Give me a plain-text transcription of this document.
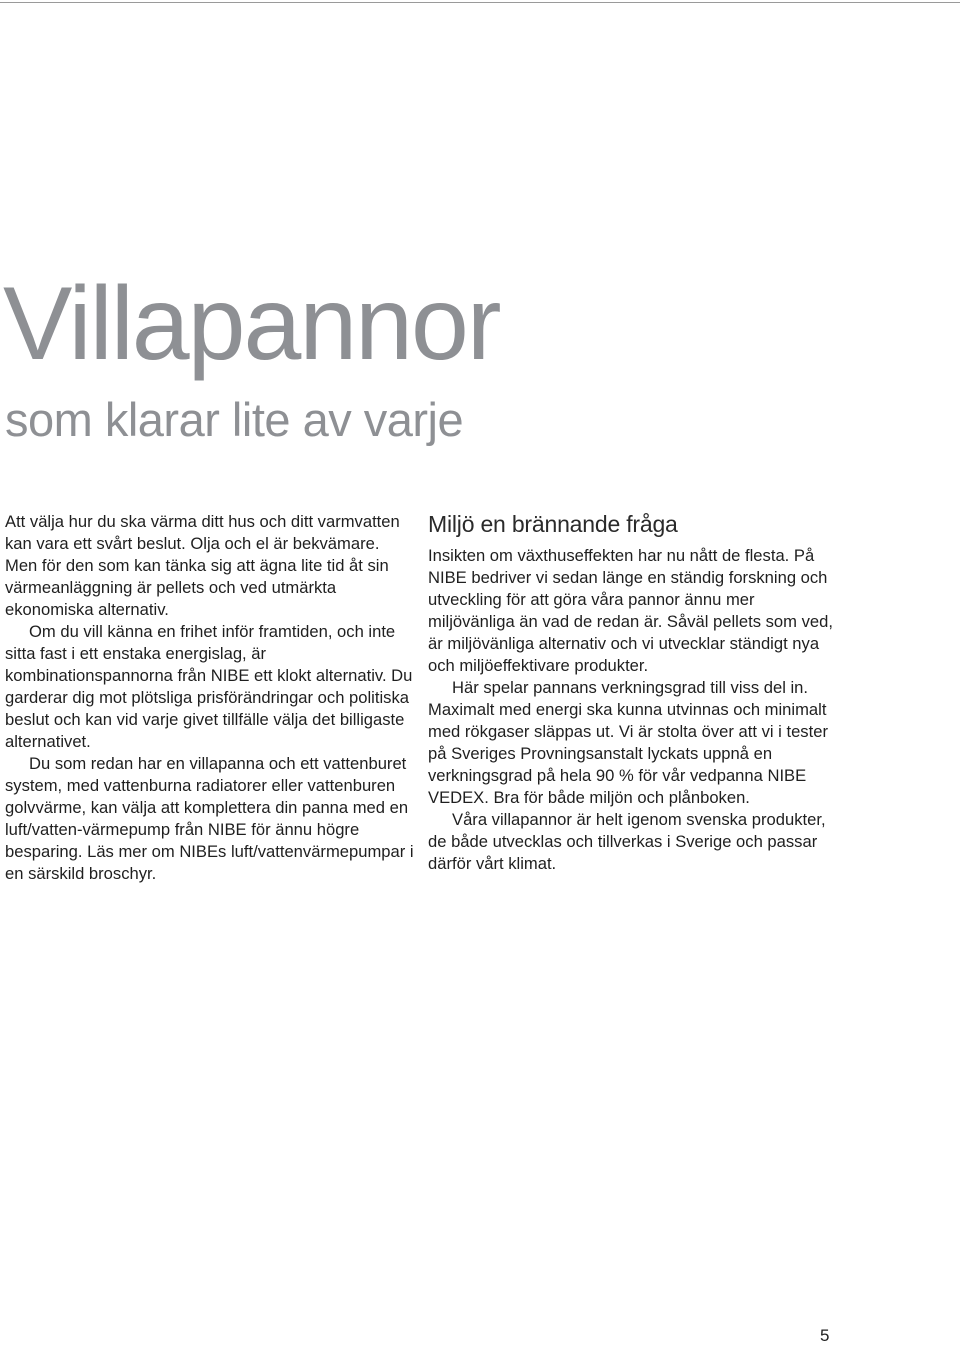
Villapannor
som klarar lite av varje

Att välja hur du ska värma ditt hus och ditt varmvatten kan vara ett svårt beslut. Olja och el är bekvämare. Men för den som kan tänka sig att ägna lite tid åt sin värmeanläggning är pellets och ved utmärkta ekonomiska alternativ.

Om du vill känna en frihet inför framtiden, och inte sitta fast i ett enstaka energislag, är kombinationspannorna från NIBE ett klokt alternativ. Du garderar dig mot plötsliga prisförändringar och politiska beslut och kan vid varje givet tillfälle välja det billigaste alternativet.

Du som redan har en villapanna och ett vattenburet system, med vattenburna radiatorer eller vattenburen golvvärme, kan välja att komplettera din panna med en luft/vatten-värmepump från NIBE för ännu högre besparing. Läs mer om NIBEs luft/vattenvärmepumpar i en särskild broschyr.

Miljö en brännande fråga

Insikten om växthuseffekten har nu nått de flesta. På NIBE bedriver vi sedan länge en ständig forskning och utveckling för att göra våra pannor ännu mer miljövänliga än vad de redan är. Såväl pellets som ved, är miljövänliga alternativ och vi utvecklar ständigt nya och miljöeffektivare produkter.

Här spelar pannans verkningsgrad till viss del in. Maximalt med energi ska kunna utvinnas och minimalt med rökgaser släppas ut. Vi är stolta över att vi i tester på Sveriges Provningsanstalt lyckats uppnå en verkningsgrad på hela 90 % för vår vedpanna NIBE VEDEX. Bra för både miljön och plånboken.

Våra villapannor är helt igenom svenska produkter, de både utvecklas och tillverkas i Sverige och passar därför vårt klimat.

5
